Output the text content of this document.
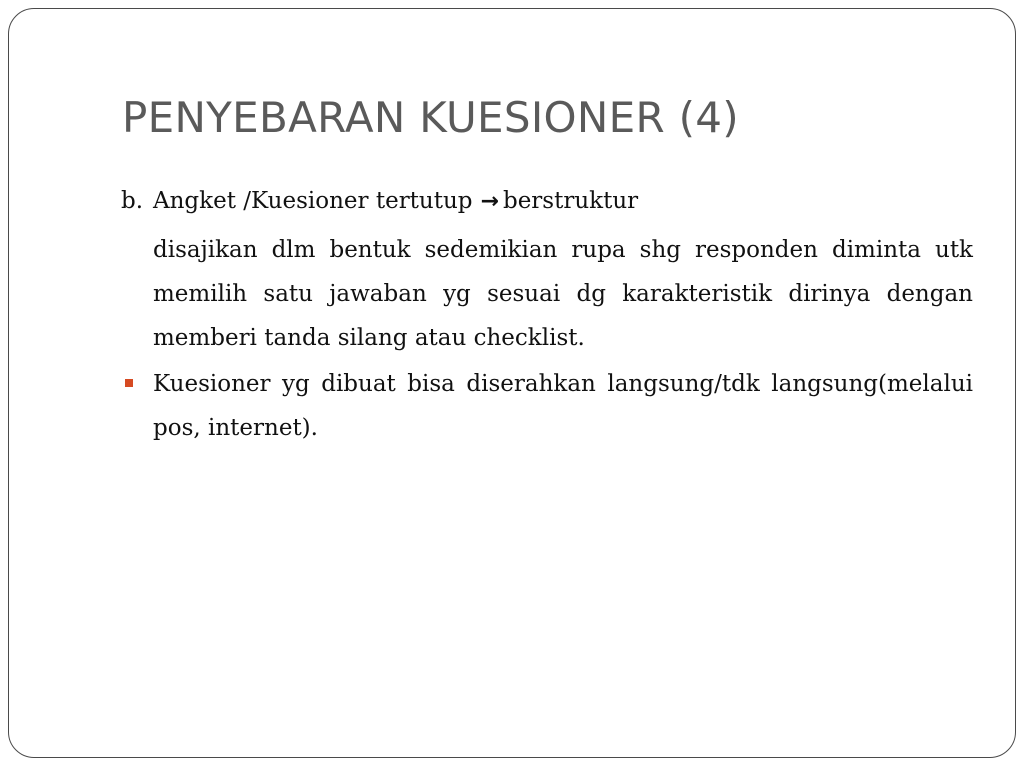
PENYEBARAN KUESIONER (4)
b. Angket /Kuesioner tertutup → berstruktur
disajikan dlm bentuk sedemikian rupa shg responden diminta utk memilih satu jawaban yg sesuai dg karakteristik dirinya dengan memberi tanda silang atau checklist.
Kuesioner yg dibuat bisa diserahkan langsung/tdk langsung(melalui pos, internet).
